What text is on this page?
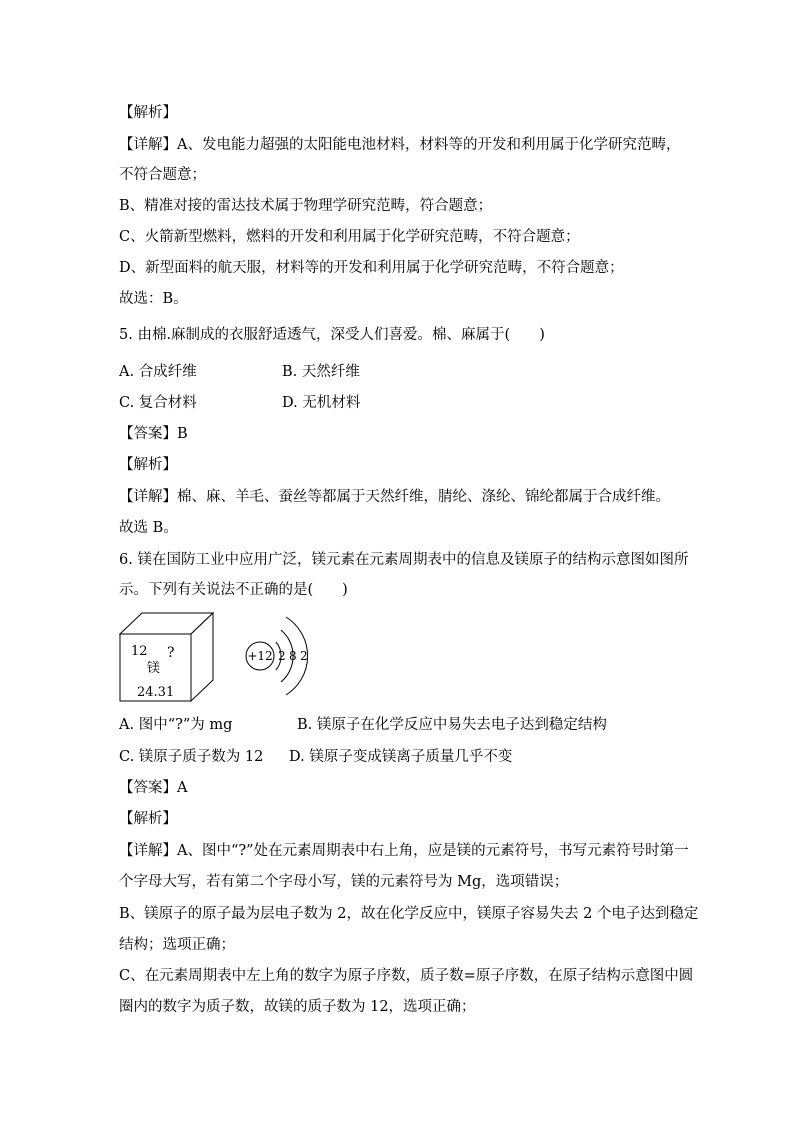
【解析】
【详解】A、发电能力超强的太阳能电池材料，材料等的开发和利用属于化学研究范畴，
不符合题意；
B、精准对接的雷达技术属于物理学研究范畴，符合题意；
C、火箭新型燃料，燃料的开发和利用属于化学研究范畴，不符合题意；
D、新型面料的航天服，材料等的开发和利用属于化学研究范畴，不符合题意；
故选：B。
5. 由棉.麻制成的衣服舒适透气，深受人们喜爱。棉、麻属于(　　)
A. 合成纤维	B. 天然纤维
C. 复合材料	D. 无机材料
【答案】B
【解析】
【详解】棉、麻、羊毛、蚕丝等都属于天然纤维，腈纶、涤纶、锦纶都属于合成纤维。
故选 B。
6. 镁在国防工业中应用广泛，镁元素在元素周期表中的信息及镁原子的结构示意图如图所
示。下列有关说法不正确的是(　　)
12 ?
镁
24.31
+12 2 8 2
A. 图中“?”为 mg	B. 镁原子在化学反应中易失去电子达到稳定结构
C. 镁原子质子数为 12 D. 镁原子变成镁离子质量几乎不变
【答案】A
【解析】
【详解】A、图中“?”处在元素周期表中右上角，应是镁的元素符号，书写元素符号时第一
个字母大写，若有第二个字母小写，镁的元素符号为 Mg，选项错误；
B、镁原子的原子最为层电子数为 2，故在化学反应中，镁原子容易失去 2 个电子达到稳定
结构；选项正确；
C、在元素周期表中左上角的数字为原子序数，质子数=原子序数，在原子结构示意图中圆
圈内的数字为质子数，故镁的质子数为 12，选项正确；
